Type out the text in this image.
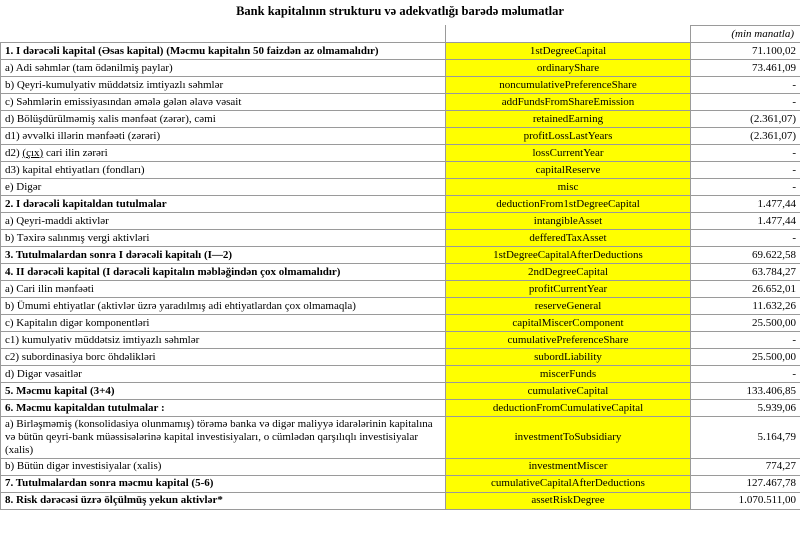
Bank kapitalının strukturu və adekvatlığı barədə məlumatlar
		(min manatla)
1. I dərəcəli kapital (Əsas kapital) (Məcmu kapitalın 50 faizdən az olmamalıdır)	1stDegreeCapital	71.100,02
a) Adi səhmlər (tam ödənilmiş paylar)	ordinaryShare	73.461,09
b) Qeyri-kumulyativ müddətsiz imtiyazlı səhmlər	noncumulativePreferenceShare	-
c) Səhmlərin emissiyasından əmələ gələn əlavə vəsait	addFundsFromShareEmission	-
d) Bölüşdürülməmiş xalis mənfəat (zərər), cəmi	retainedEarning	(2.361,07)
d1) əvvəlki illərin mənfəəti (zərəri)	profitLossLastYears	(2.361,07)
d2) (çıx) cari ilin zərəri	lossCurrentYear	-
d3) kapital ehtiyatları (fondları)	capitalReserve	-
e) Digər	misc	-
2. I dərəcəli kapitaldan tutulmalar	deductionFrom1stDegreeCapital	1.477,44
a) Qeyri-maddi aktivlər	intangibleAsset	1.477,44
b) Təxirə salınmış vergi aktivləri	defferedTaxAsset	-
3. Tutulmalardan sonra I dərəcəli kapitalı (I—2)	1stDegreeCapitalAfterDeductions	69.622,58
4. II dərəcəli kapital (I dərəcəli kapitalın məbləğindən çox olmamalıdır)	2ndDegreeCapital	63.784,27
a) Cari ilin mənfəəti	profitCurrentYear	26.652,01
b) Ümumi ehtiyatlar (aktivlər üzrə yaradılmış adi ehtiyatlardan çox olmamaqla)	reserveGeneral	11.632,26
c) Kapitalın digər komponentləri	capitalMiscerComponent	25.500,00
c1) kumulyativ müddətsiz imtiyazlı səhmlər	cumulativePreferenceShare	-
c2) subordinasiya borc öhdəlikləri	subordLiability	25.500,00
d) Digər vəsaitlər	miscerFunds	-
5. Məcmu kapital (3+4)	cumulativeCapital	133.406,85
6. Məcmu kapitaldan tutulmalar :	deductionFromCumulativeCapital	5.939,06
a) Birləşməmiş (konsolidasiya olunmamış) törəmə banka və digər maliyyə idarələrinin kapitalına və bütün qeyri-bank müəssisələrinə kapital investisiyaları, o cümlədən qarşılıqlı investisiyalar (xalis)	investmentToSubsidiary	5.164,79
b) Bütün digər investisiyalar (xalis)	investmentMiscer	774,27
7. Tutulmalardan sonra məcmu kapital (5-6)	cumulativeCapitalAfterDeductions	127.467,78
8. Risk dərəcəsi üzrə ölçülmüş yekun aktivlər*	assetRiskDegree	1.070.511,00
